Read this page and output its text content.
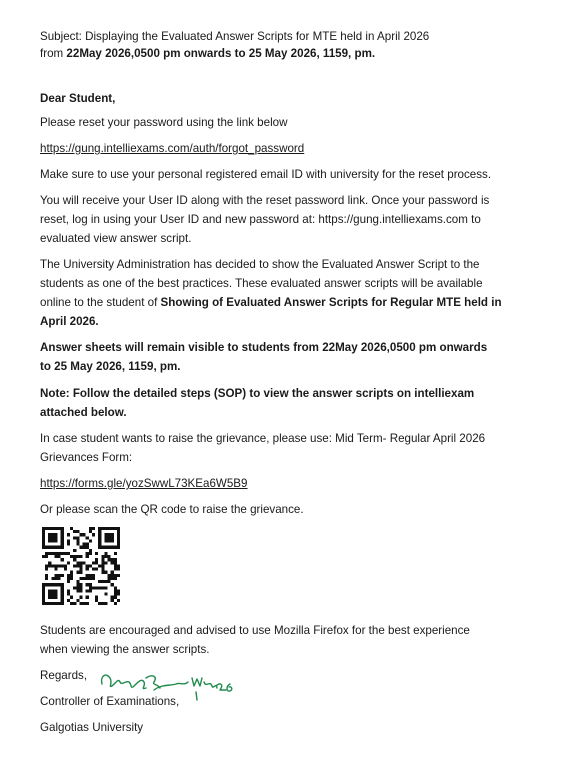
Subject: Displaying the Evaluated Answer Scripts for MTE held in April 2026
from 22May 2026,0500 pm onwards to 25 May 2026, 1159, pm.
Dear Student,
Please reset your password using the link below
https://gung.intelliexams.com/auth/forgot_password
Make sure to use your personal registered email ID with university for the reset process.
You will receive your User ID along with the reset password link. Once your password is
reset, log in using your User ID and new password at: https://gung.intelliexams.com to
evaluated view answer script.
The University Administration has decided to show the Evaluated Answer Script to the
students as one of the best practices. These evaluated answer scripts will be available
online to the student of Showing of Evaluated Answer Scripts for Regular MTE held in
April 2026.
Answer sheets will remain visible to students from 22May 2026,0500 pm onwards
to 25 May 2026, 1159, pm.
Note: Follow the detailed steps (SOP) to view the answer scripts on intelliexam
attached below.
In case student wants to raise the grievance, please use: Mid Term- Regular April 2026
Grievances Form:
https://forms.gle/yozSwwL73KEa6W5B9
Or please scan the QR code to raise the grievance.
Students are encouraged and advised to use Mozilla Firefox for the best experience
when viewing the answer scripts.
Regards,
Controller of Examinations,
Galgotias University
